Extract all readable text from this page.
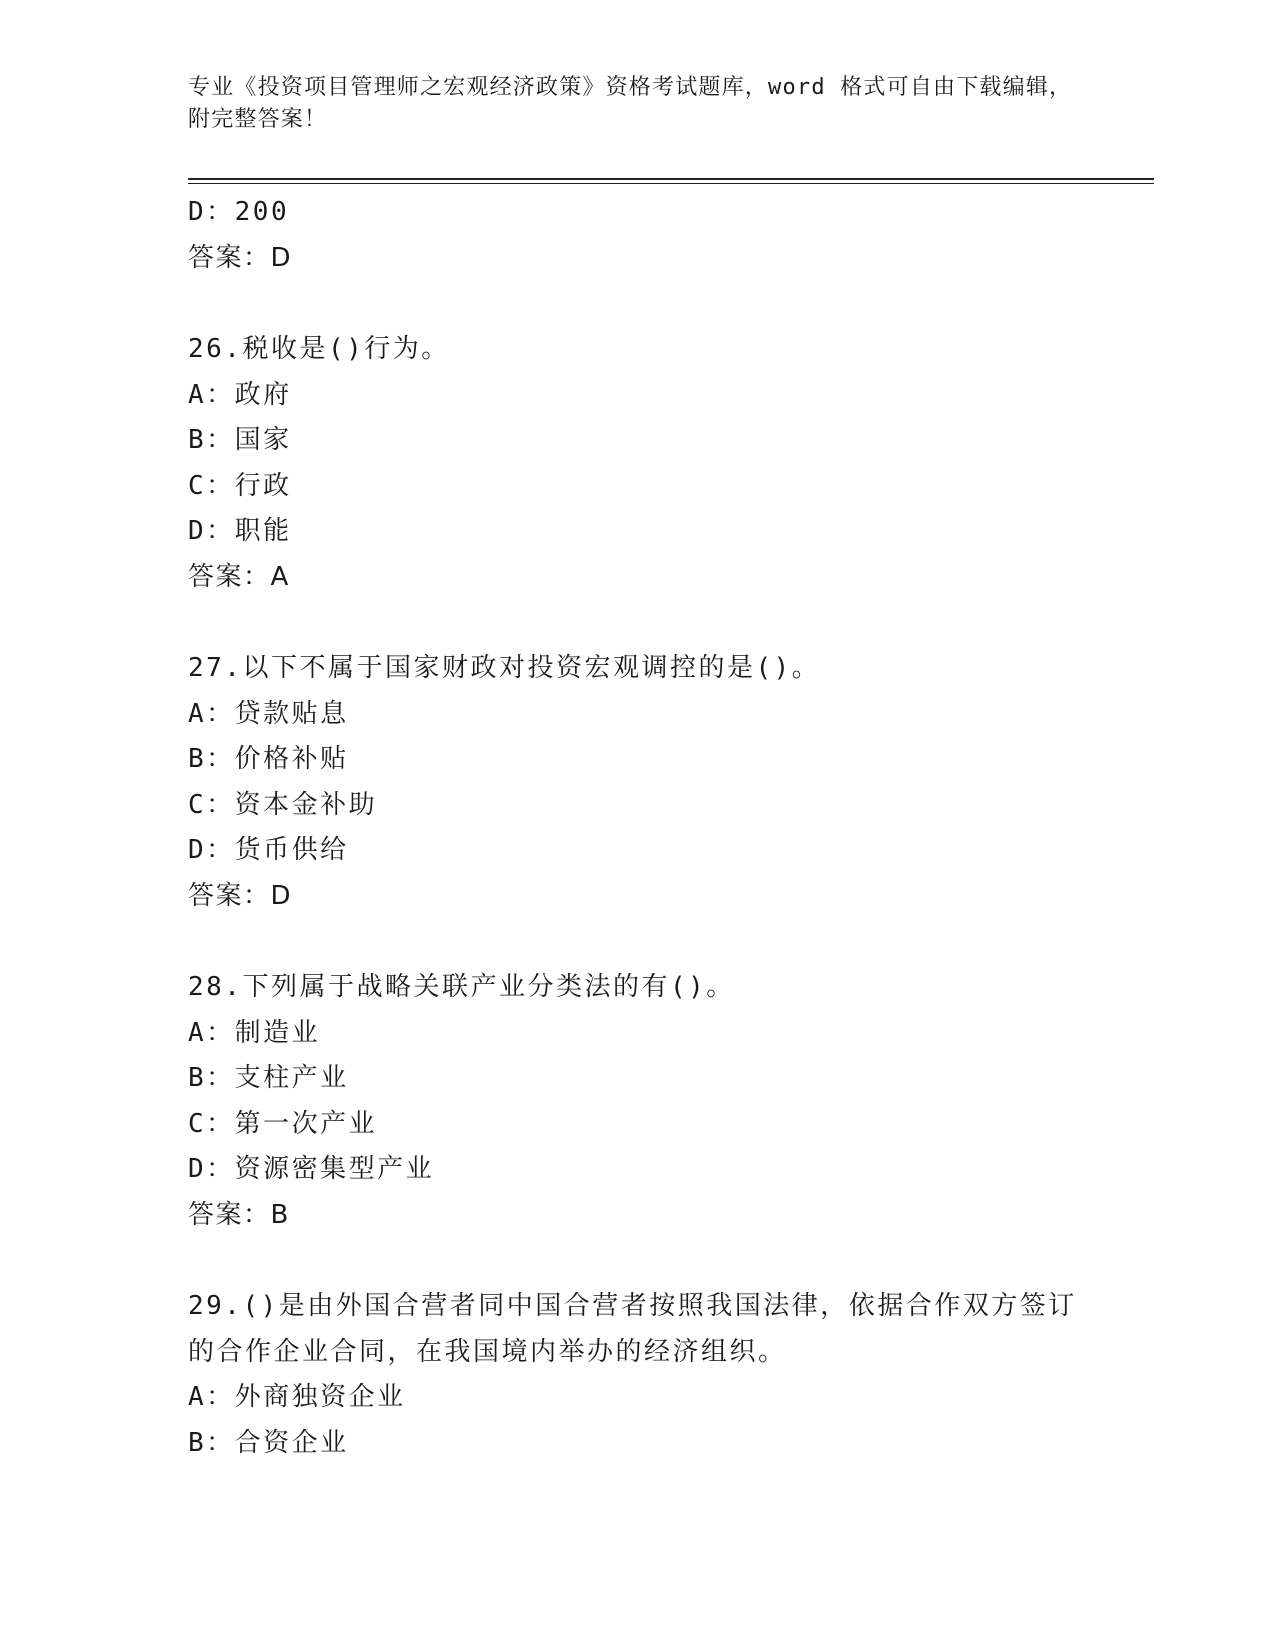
专业《投资项目管理师之宏观经济政策》资格考试题库，word 格式可自由下载编辑，附完整答案！
D：200
答案：D
26.税收是()行为。
A：政府
B：国家
C：行政
D：职能
答案：A
27.以下不属于国家财政对投资宏观调控的是()。
A：贷款贴息
B：价格补贴
C：资本金补助
D：货币供给
答案：D
28.下列属于战略关联产业分类法的有()。
A：制造业
B：支柱产业
C：第一次产业
D：资源密集型产业
答案：B
29.()是由外国合营者同中国合营者按照我国法律，依据合作双方签订的合作企业合同，在我国境内举办的经济组织。
A：外商独资企业
B：合资企业
